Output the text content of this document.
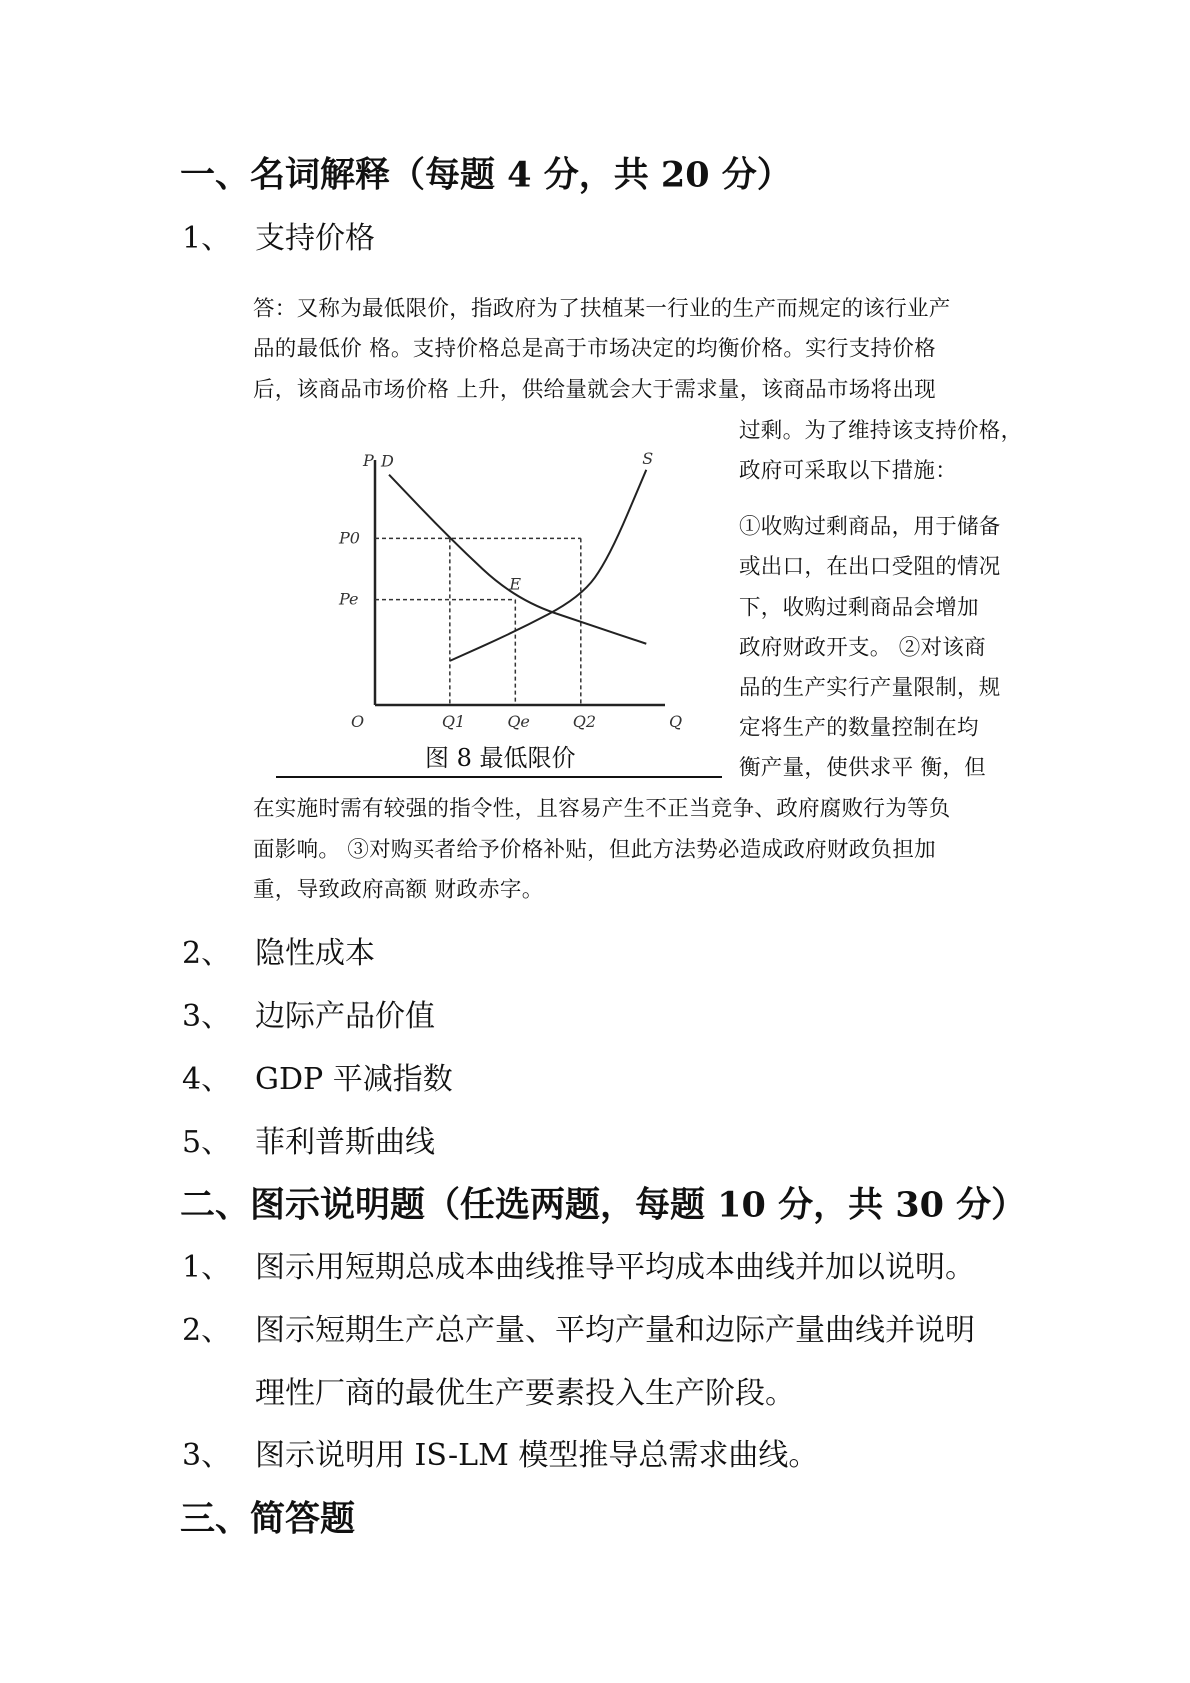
一、名词解释（每题 4 分，共 20 分）
1、 支持价格
答：又称为最低限价，指政府为了扶植某一行业的生产而规定的该行业产
品的最低价 格。支持价格总是高于市场决定的均衡价格。实行支持价格
后，该商品市场价格 上升，供给量就会大于需求量，该商品市场将出现
过剩。为了维持该支持价格，
政府可采取以下措施：
①收购过剩商品，用于储备
或出口，在出口受阻的情况
下，收购过剩商品会增加
政府财政开支。 ②对该商
品的生产实行产量限制，规
定将生产的数量控制在均
衡产量，使供求平 衡，但
P
Q
O
D	S
E
Q1	Qe	Q2
P0
Pe
图 8 最低限价
在实施时需有较强的指令性，且容易产生不正当竞争、政府腐败行为等负
面影响。 ③对购买者给予价格补贴，但此方法势必造成政府财政负担加
重，导致政府高额 财政赤字。
2、 隐性成本
3、 边际产品价值
4、 GDP 平减指数
5、 菲利普斯曲线
二、图示说明题（任选两题，每题 10 分，共 30 分）
1、 图示用短期总成本曲线推导平均成本曲线并加以说明。
2、 图示短期生产总产量、平均产量和边际产量曲线并说明
理性厂商的最优生产要素投入生产阶段。
3、 图示说明用 IS-LM 模型推导总需求曲线。
三、简答题
